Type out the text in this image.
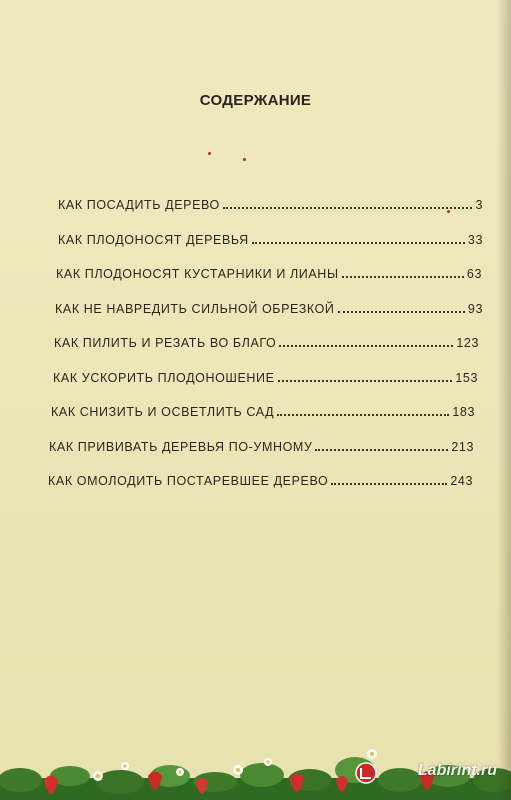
СОДЕРЖАНИЕ
КАК ПОСАДИТЬ ДЕРЕВО	3
КАК ПЛОДОНОСЯТ ДЕРЕВЬЯ	33
КАК ПЛОДОНОСЯТ КУСТАРНИКИ И ЛИАНЫ	63
КАК НЕ НАВРЕДИТЬ СИЛЬНОЙ ОБРЕЗКОЙ	93
КАК ПИЛИТЬ И РЕЗАТЬ ВО БЛАГО	123
КАК УСКОРИТЬ ПЛОДОНОШЕНИЕ	153
КАК СНИЗИТЬ И ОСВЕТЛИТЬ САД	183
КАК ПРИВИВАТЬ ДЕРЕВЬЯ ПО-УМНОМУ	213
КАК ОМОЛОДИТЬ ПОСТАРЕВШЕЕ ДЕРЕВО	243
Labirint.ru
